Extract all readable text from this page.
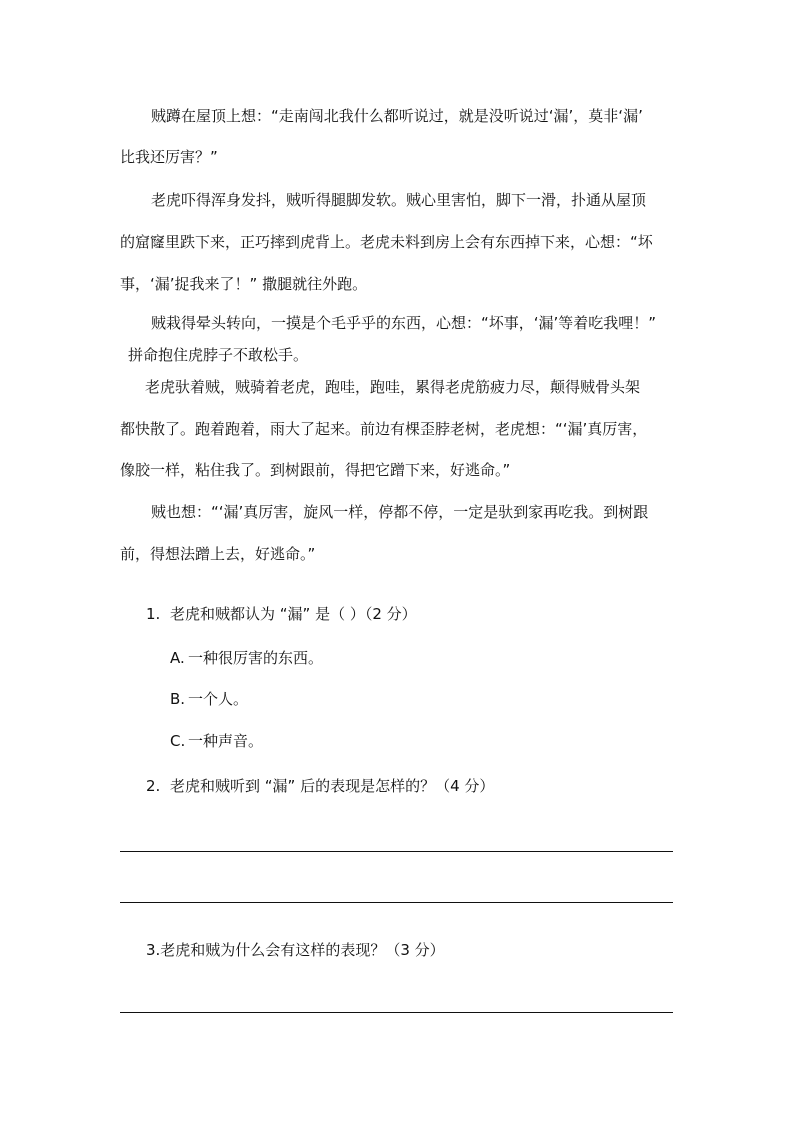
贼蹲在屋顶上想：“走南闯北我什么都听说过，就是没听说过‘漏’，莫非‘漏’
比我还厉害？”
老虎吓得浑身发抖，贼听得腿脚发软。贼心里害怕，脚下一滑，扑通从屋顶
的窟窿里跌下来，正巧摔到虎背上。老虎未料到房上会有东西掉下来，心想：“坏
事，‘漏’捉我来了！” 撒腿就往外跑。
贼栽得晕头转向，一摸是个毛乎乎的东西，心想：“坏事，‘漏’等着吃我哩！”
拼命抱住虎脖子不敢松手。
老虎驮着贼，贼骑着老虎，跑哇，跑哇，累得老虎筋疲力尽，颠得贼骨头架
都快散了。跑着跑着，雨大了起来。前边有棵歪脖老树，老虎想：“‘漏’真厉害，
像胶一样，粘住我了。到树跟前，得把它蹭下来，好逃命。”
贼也想：“‘漏’真厉害，旋风一样，停都不停，一定是驮到家再吃我。到树跟
前，得想法蹭上去，好逃命。”
1. 老虎和贼都认为 “漏” 是（ ）（2 分）
A. 一种很厉害的东西。
B. 一个人。
C. 一种声音。
2. 老虎和贼听到 “漏” 后的表现是怎样的？（4 分）
3.老虎和贼为什么会有这样的表现？（3 分）
